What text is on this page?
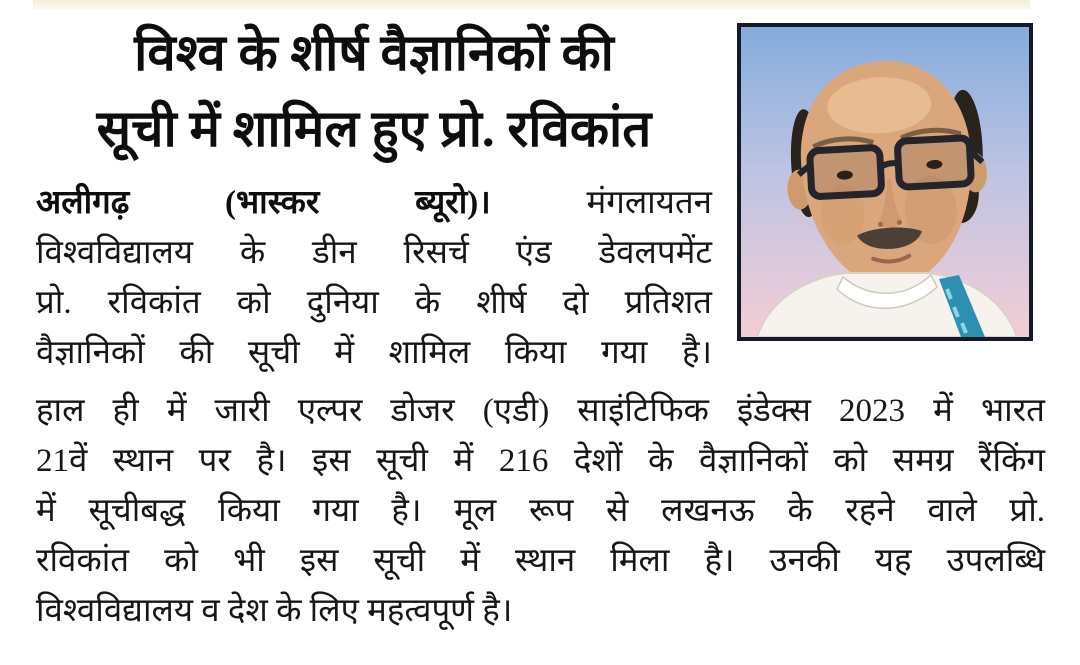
विश्व के शीर्ष वैज्ञानिकों की
सूची में शामिल हुए प्रो. रविकांत
अलीगढ़ (भास्कर ब्यूरो)।	मंगलायतन
विश्वविद्यालय के डीन रिसर्च एंड डेवलपमेंट
प्रो. रविकांत को दुनिया के शीर्ष दो प्रतिशत
वैज्ञानिकों की सूची में शामिल किया गया है।
हाल ही में जारी एल्पर डोजर (एडी) साइंटिफिक इंडेक्स 2023 में भारत
21वें स्थान पर है। इस सूची में 216 देशों के वैज्ञानिकों को समग्र रैंकिंग
में सूचीबद्ध किया गया है। मूल रूप से लखनऊ के रहने वाले प्रो.
रविकांत को भी इस सूची में स्थान मिला है। उनकी यह उपलब्धि
विश्वविद्यालय व देश के लिए महत्वपूर्ण है।
